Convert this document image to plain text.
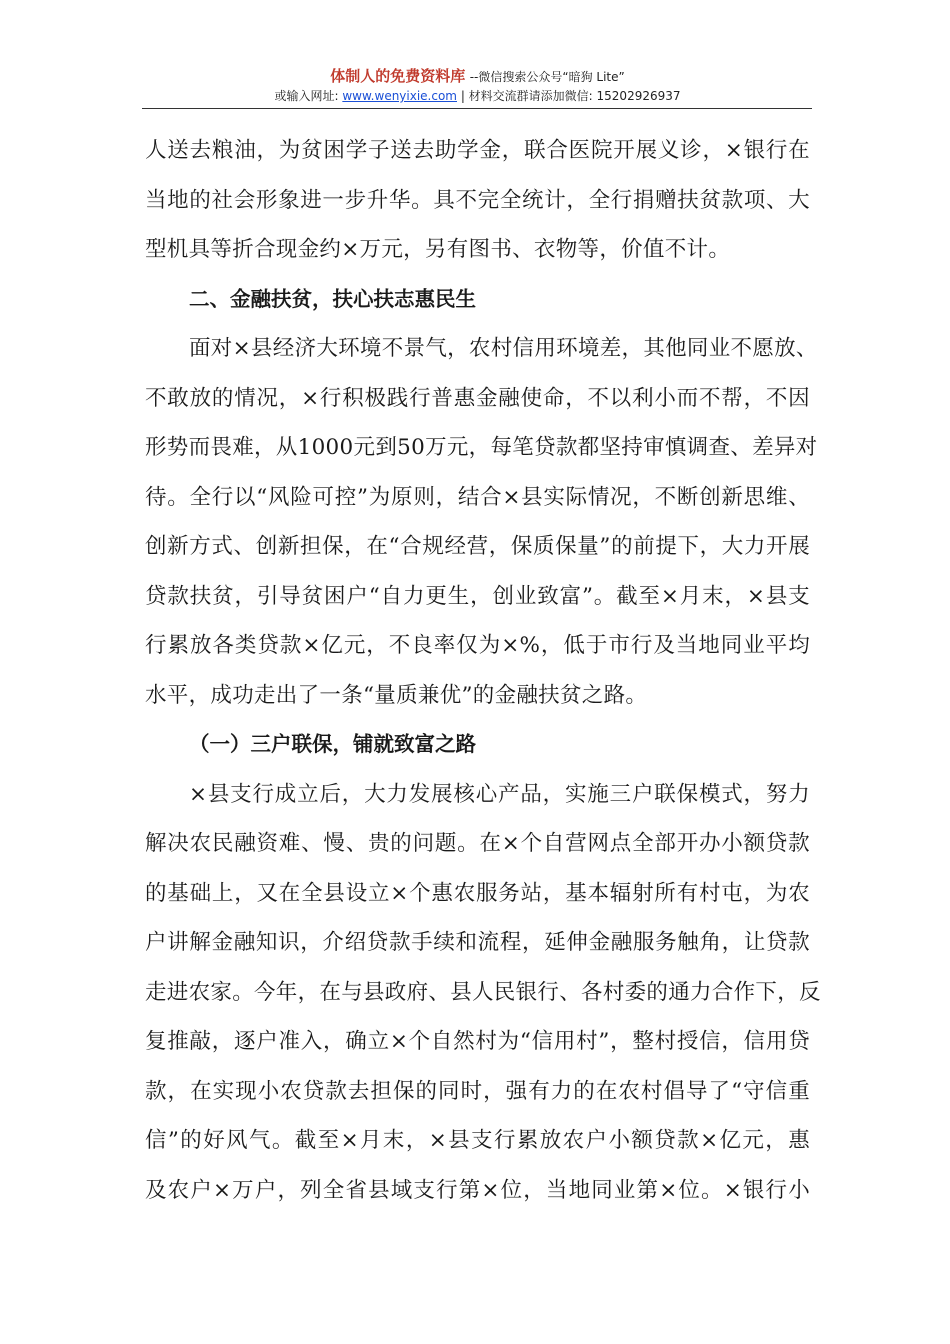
体制人的免费资料库 --微信搜索公众号“暗狗 Lite”
或输入网址: www.wenyixie.com | 材料交流群请添加微信: 15202926937

人送去粮油，为贫困学子送去助学金，联合医院开展义诊，×银行在
当地的社会形象进一步升华。具不完全统计，全行捐赠扶贫款项、大
型机具等折合现金约×万元，另有图书、衣物等，价值不计。

二、金融扶贫，扶心扶志惠民生

面对×县经济大环境不景气，农村信用环境差，其他同业不愿放、
不敢放的情况，×行积极践行普惠金融使命，不以利小而不帮，不因
形势而畏难，从1000元到50万元，每笔贷款都坚持审慎调查、差异对
待。全行以“风险可控”为原则，结合×县实际情况，不断创新思维、
创新方式、创新担保，在“合规经营，保质保量”的前提下，大力开展
贷款扶贫，引导贫困户“自力更生，创业致富”。截至×月末，×县支
行累放各类贷款×亿元，不良率仅为×%，低于市行及当地同业平均
水平，成功走出了一条“量质兼优”的金融扶贫之路。

（一）三户联保，铺就致富之路

×县支行成立后，大力发展核心产品，实施三户联保模式，努力
解决农民融资难、慢、贵的问题。在×个自营网点全部开办小额贷款
的基础上，又在全县设立×个惠农服务站，基本辐射所有村屯，为农
户讲解金融知识，介绍贷款手续和流程，延伸金融服务触角，让贷款
走进农家。今年，在与县政府、县人民银行、各村委的通力合作下，反
复推敲，逐户准入，确立×个自然村为“信用村”，整村授信，信用贷
款，在实现小农贷款去担保的同时，强有力的在农村倡导了“守信重
信”的好风气。截至×月末，×县支行累放农户小额贷款×亿元，惠
及农户×万户，列全省县域支行第×位，当地同业第×位。×银行小
